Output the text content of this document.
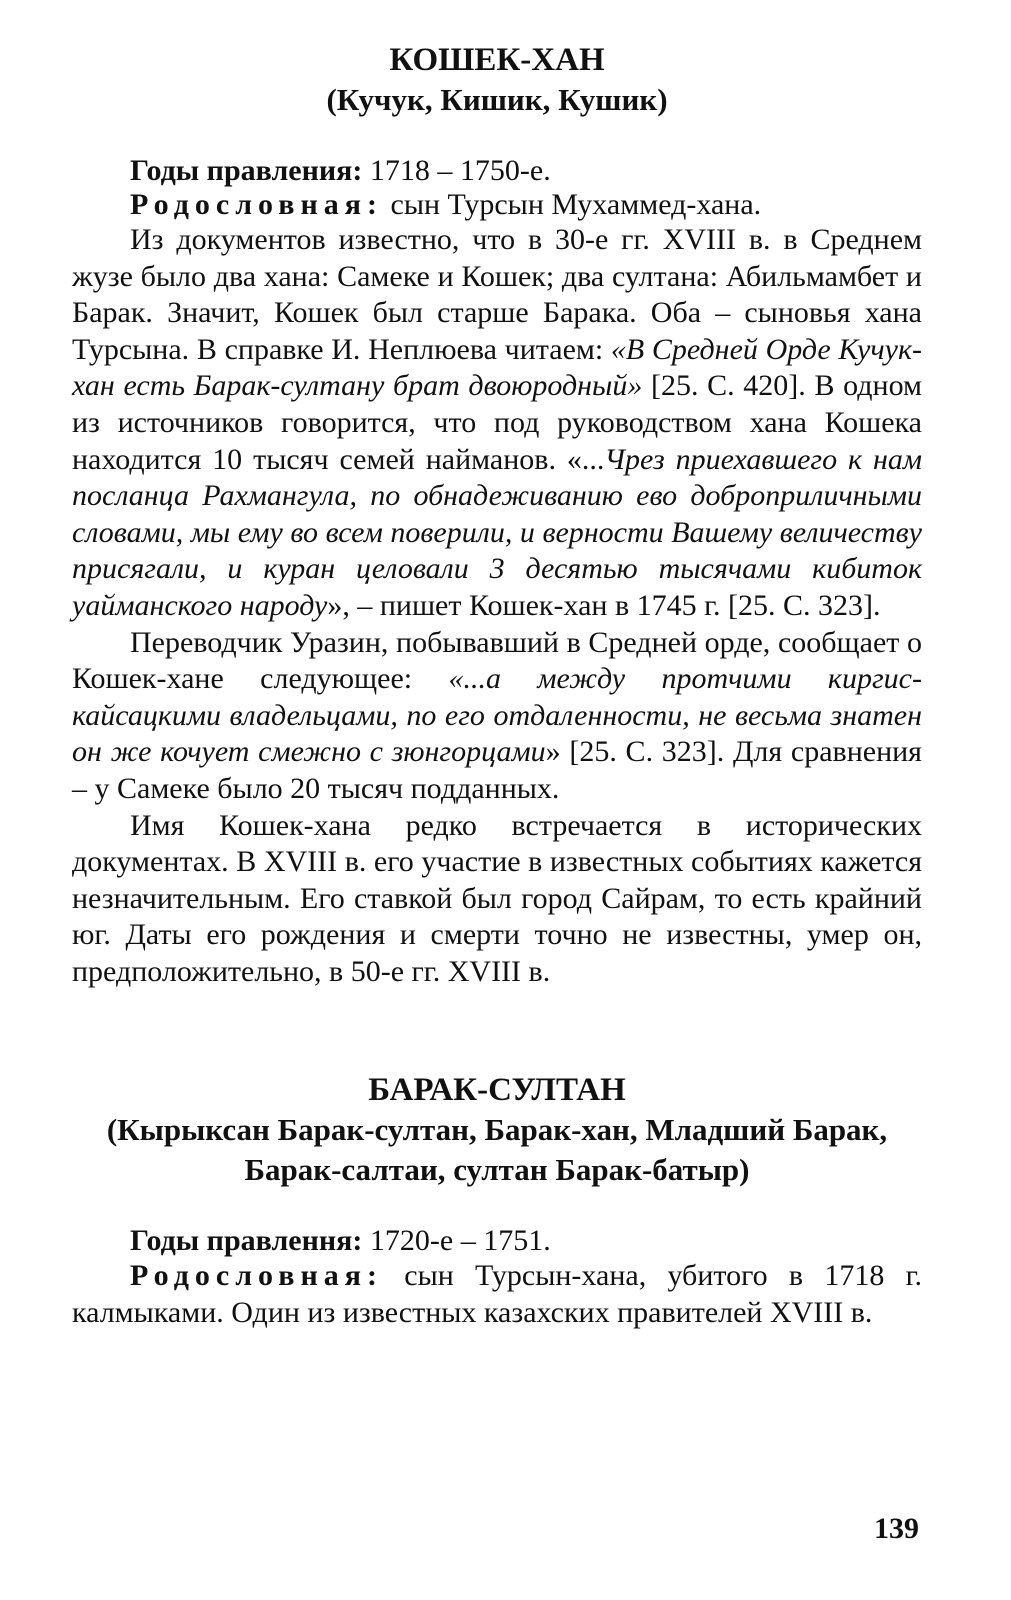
КОШЕК-ХАН

(Кучук, Кишик, Кушик)

Годы правления: 1718 – 1750-е.

Родословная: сын Турсын Мухаммед-хана.

Из документов известно, что в 30-е гг. XVIII в. в Среднем жузе было два хана: Самеке и Кошек; два султана: Абильмамбет и Барак. Значит, Кошек был старше Барака. Оба – сыновья хана Турсына. В справке И. Неплюева читаем: «В Средней Орде Кучук-хан есть Барак-султану брат двоюродный» [25. С. 420]. В одном из источников говорится, что под руководством хана Кошека находится 10 тысяч семей найманов. «...Чрез приехавшего к нам посланца Рахмангула, по обнадеживанию ево доброприличными словами, мы ему во всем поверили, и верности Вашему величеству присягали, и куран целовали 3 десятью тысячами кибиток уайманского народу», – пишет Кошек-хан в 1745 г. [25. С. 323].

Переводчик Уразин, побывавший в Средней орде, сообщает о Кошек-хане следующее: «...а между протчими киргис-кайсацкими владельцами, по его отдаленности, не весьма знатен он же кочует смежно с зюнгорцами» [25. С. 323]. Для сравнения – у Самеке было 20 тысяч подданных.

Имя Кошек-хана редко встречается в исторических документах. В XVIII в. его участие в известных событиях кажется незначительным. Его ставкой был город Сайрам, то есть крайний юг. Даты его рождения и смерти точно не известны, умер он, предположительно, в 50-е гг. XVIII в.

БАРАК-СУЛТАН

(Кырыксан Барак-султан, Барак-хан, Младший Барак,

Барак-салтаи, султан Барак-батыр)

Годы правлення: 1720-е – 1751.

Родословная: сын Турсын-хана, убитого в 1718 г. калмыками. Один из известных казахских правителей XVIII в.

139
